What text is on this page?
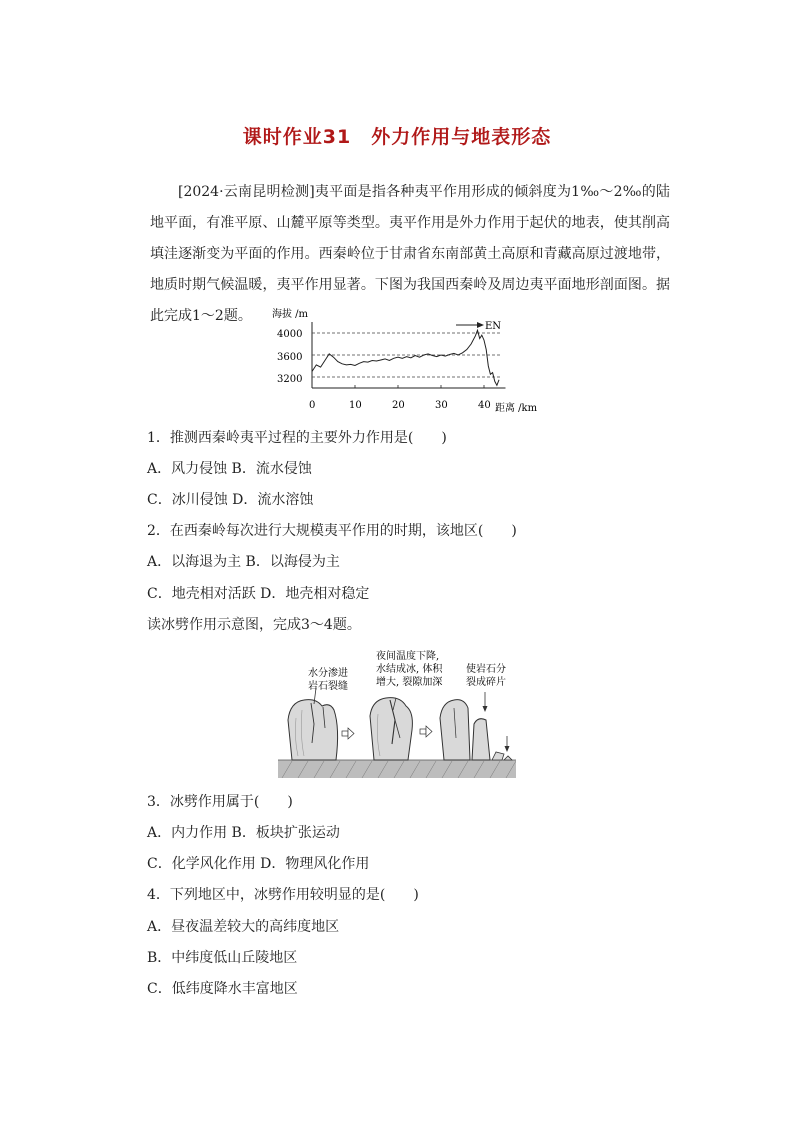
课时作业31　外力作用与地表形态
[2024·云南昆明检测]夷平面是指各种夷平作用形成的倾斜度为1‰～2‰的陆地平面，有准平原、山麓平原等类型。夷平作用是外力作用于起伏的地表，使其削高填洼逐渐变为平面的作用。西秦岭位于甘肃省东南部黄土高原和青藏高原过渡地带，地质时期气候温暖，夷平作用显著。下图为我国西秦岭及周边夷平面地形剖面图。据此完成1～2题。	海拔 /m
4000
3600
3200
0	10	20	30	40 距离 /km
EN
1．推测西秦岭夷平过程的主要外力作用是(　　)
A．风力侵蚀 B．流水侵蚀
C．冰川侵蚀 D．流水溶蚀
2．在西秦岭每次进行大规模夷平作用的时期，该地区(　　)
A．以海退为主 B．以海侵为主
C．地壳相对活跃 D．地壳相对稳定
读冰劈作用示意图，完成3～4题。
水分渗进
岩石裂缝
夜间温度下降,
水结成冰, 体积
增大, 裂隙加深
使岩石分
裂成碎片
3．冰劈作用属于(　　)
A．内力作用 B．板块扩张运动
C．化学风化作用 D．物理风化作用
4．下列地区中，冰劈作用较明显的是(　　)
A．昼夜温差较大的高纬度地区
B．中纬度低山丘陵地区
C．低纬度降水丰富地区
